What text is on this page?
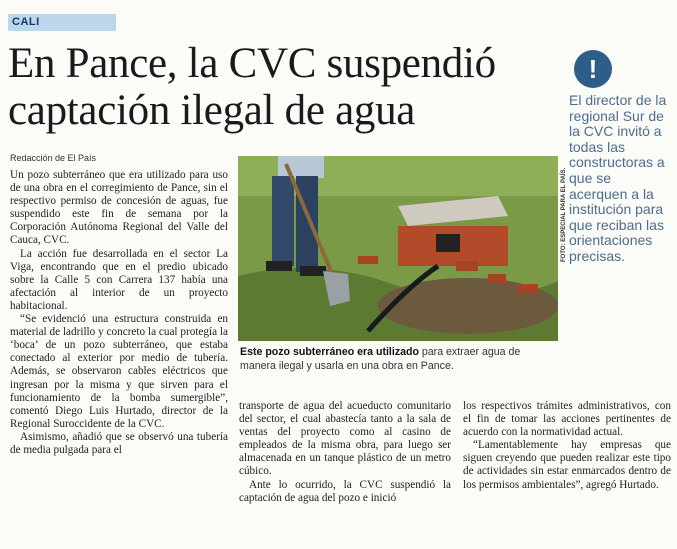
CALI
En Pance, la CVC suspendió
captación ilegal de agua
!
El director de la regional Sur de la CVC invitó a todas las constructoras a que se acerquen a la institución para que reciban las orientaciones precisas.
Redacción de El País

Un pozo subterráneo que era utilizado para uso de una obra en el corregimiento de Pance, sin el respectivo permiso de concesión de aguas, fue suspendido este fin de semana por la Corporación Autónoma Regional del Valle del Cauca, CVC.

La acción fue desarrollada en el sector La Viga, encontrando que en el predio ubicado sobre la Calle 5 con Carrera 137 había una afectación al interior de un proyecto habitacional.

“Se evidenció una estructura construida en material de ladrillo y concreto la cual protegía la ‘boca’ de un pozo subterráneo, que estaba conectado al exterior por medio de tubería. Además, se observaron cables eléctricos que ingresan por la misma y que sirven para el funcionamiento de la bomba sumergible”, comentó Diego Luis Hurtado, director de la Regional Suroccidente de la CVC.

Asimismo, añadió que se observó una tubería de media pulgada para el

FOTO: ESPECIAL PARA EL PAÍS.
Este pozo subterráneo era utilizado para extraer agua de manera ilegal y usarla en una obra en Pance.

transporte de agua del acueducto comunitario del sector, el cual abastecía tanto a la sala de ventas del proyecto como al casino de empleados de la misma obra, para luego ser almacenada en un tanque plástico de un metro cúbico.

Ante lo ocurrido, la CVC suspendió la captación de agua del pozo e inició

los respectivos trámites administrativos, con el fin de tomar las acciones pertinentes de acuerdo con la normatividad actual.

“Lamentablemente hay empresas que siguen creyendo que pueden realizar este tipo de actividades sin estar enmarcados dentro de los permisos ambientales”, agregó Hurtado.
